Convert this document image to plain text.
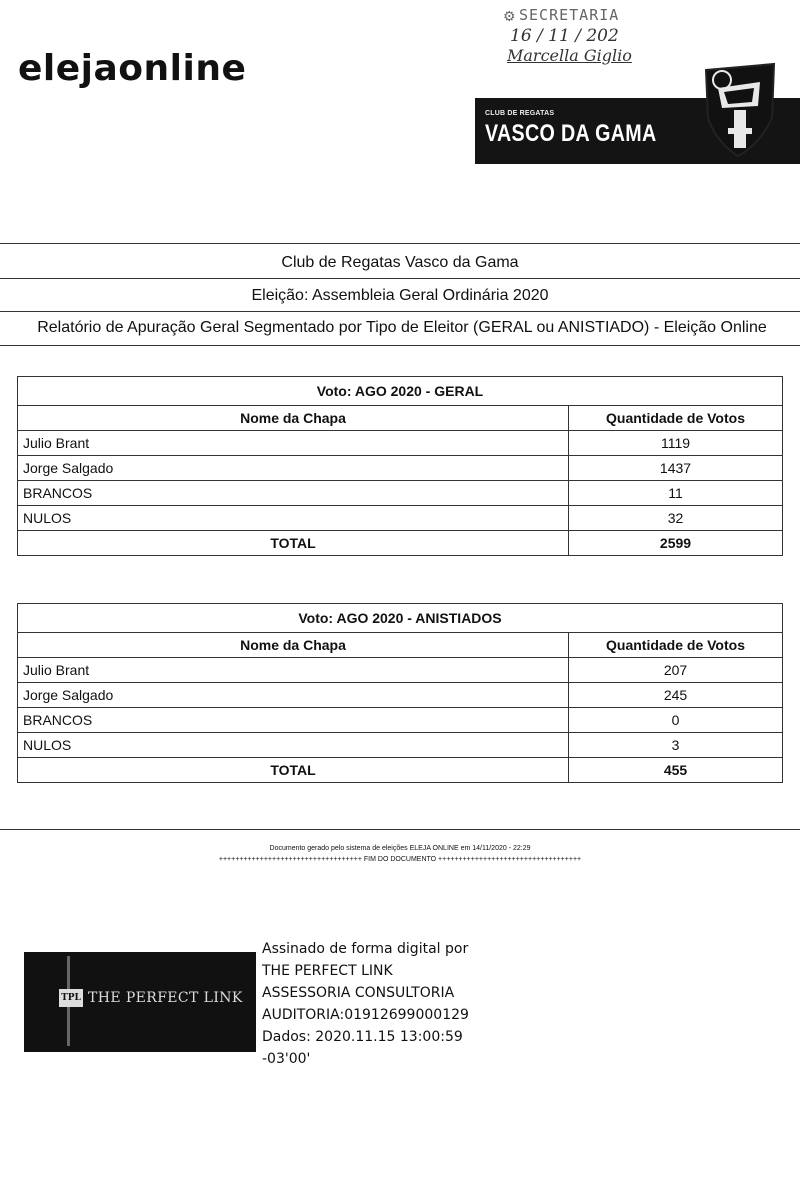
elejaonline
⚙ SECRETARIA
16 / 11 / 202
Marcella Giglio
CLUB DE REGATAS
VASCO DA GAMA
Club de Regatas Vasco da Gama
Eleição: Assembleia Geral Ordinária 2020
Relatório de Apuração Geral Segmentado por Tipo de Eleitor (GERAL ou ANISTIADO) - Eleição Online
Voto: AGO 2020 - GERAL	
Nome da Chapa	Quantidade de Votos
Julio Brant	1119
Jorge Salgado	1437
BRANCOS	11
NULOS	32
TOTAL	2599
Voto: AGO 2020 - ANISTIADOS	
Nome da Chapa	Quantidade de Votos
Julio Brant	207
Jorge Salgado	245
BRANCOS	0
NULOS	3
TOTAL	455
Documento gerado pelo sistema de eleições ELEJA ONLINE em 14/11/2020 - 22:29
+++++++++++++++++++++++++++++++++++ FIM DO DOCUMENTO +++++++++++++++++++++++++++++++++++
TPL THE PERFECT LINK
Assinado de forma digital por
THE PERFECT LINK
ASSESSORIA CONSULTORIA
AUDITORIA:01912699000129
Dados: 2020.11.15 13:00:59
-03'00'
